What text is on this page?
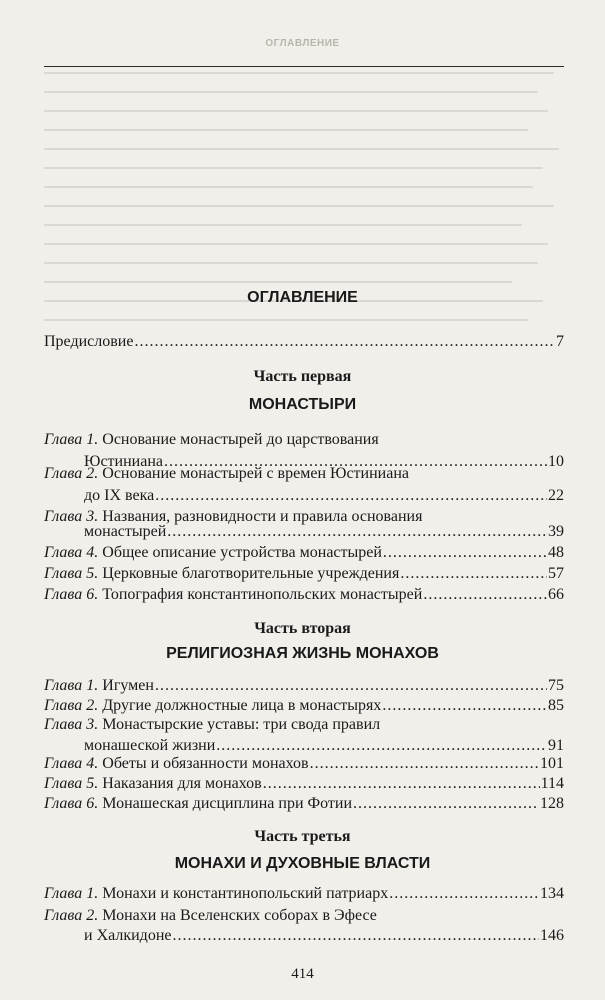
ОГЛАВЛЕНИЕ
ОГЛАВЛЕНИЕ
Предисловие .....	7
Часть первая
МОНАСТЫРИ
Глава 1. Основание монастырей до царствования
Юстиниана .....	10
Глава 2. Основание монастырей с времен Юстиниана
до IX века .....	22
Глава 3. Названия, разновидности и правила основания
монастырей .....	39
Глава 4. Общее описание устройства монастырей .....	48
Глава 5. Церковные благотворительные учреждения .....	57
Глава 6. Топография константинопольских монастырей .....	66
Часть вторая
РЕЛИГИОЗНАЯ ЖИЗНЬ МОНАХОВ
Глава 1. Игумен .....	75
Глава 2. Другие должностные лица в монастырях .....	85
Глава 3. Монастырские уставы: три свода правил
монашеской жизни .....	91
Глава 4. Обеты и обязанности монахов .....	101
Глава 5. Наказания для монахов .....	114
Глава 6. Монашеская дисциплина при Фотии .....	128
Часть третья
МОНАХИ И ДУХОВНЫЕ ВЛАСТИ
Глава 1. Монахи и константинопольский патриарх .....	134
Глава 2. Монахи на Вселенских соборах в Эфесе
и Халкидоне .....	146
414
